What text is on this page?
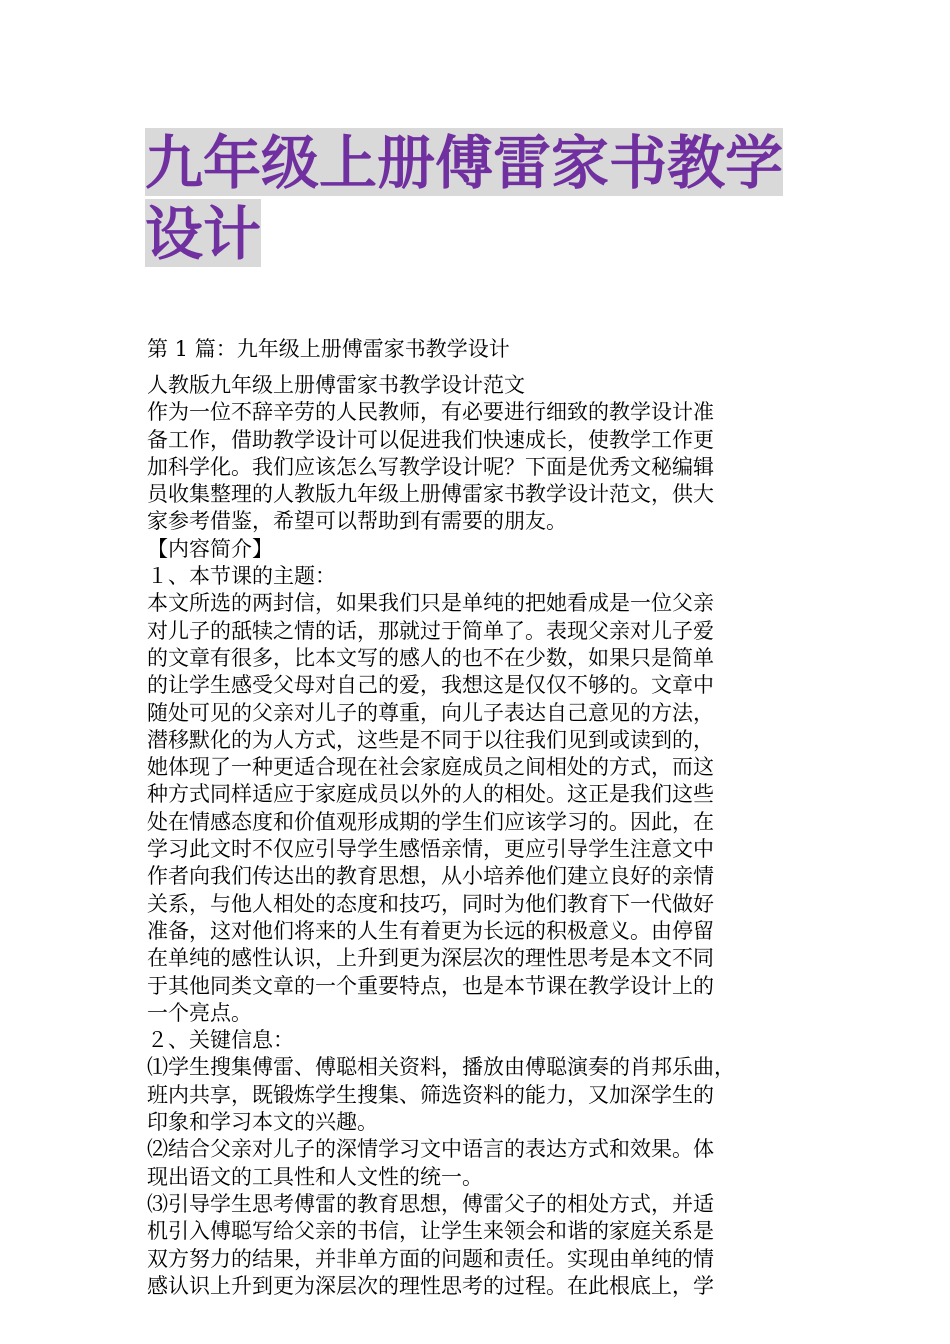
九年级上册傅雷家书教学
设计
第 1 篇：九年级上册傅雷家书教学设计

人教版九年级上册傅雷家书教学设计范文

作为一位不辞辛劳的人民教师，有必要进行细致的教学设计准

备工作，借助教学设计可以促进我们快速成长，使教学工作更

加科学化。我们应该怎么写教学设计呢？下面是优秀文秘编辑

员收集整理的人教版九年级上册傅雷家书教学设计范文，供大

家参考借鉴，希望可以帮助到有需要的朋友。

【内容简介】

１、本节课的主题：

本文所选的两封信，如果我们只是单纯的把她看成是一位父亲

对儿子的舐犊之情的话，那就过于简单了。表现父亲对儿子爱

的文章有很多，比本文写的感人的也不在少数，如果只是简单

的让学生感受父母对自己的爱，我想这是仅仅不够的。文章中

随处可见的父亲对儿子的尊重，向儿子表达自己意见的方法，

潜移默化的为人方式，这些是不同于以往我们见到或读到的，

她体现了一种更适合现在社会家庭成员之间相处的方式，而这

种方式同样适应于家庭成员以外的人的相处。这正是我们这些

处在情感态度和价值观形成期的学生们应该学习的。因此，在

学习此文时不仅应引导学生感悟亲情，更应引导学生注意文中

作者向我们传达出的教育思想，从小培养他们建立良好的亲情

关系，与他人相处的态度和技巧，同时为他们教育下一代做好

准备，这对他们将来的人生有着更为长远的积极意义。由停留

在单纯的感性认识，上升到更为深层次的理性思考是本文不同

于其他同类文章的一个重要特点，也是本节课在教学设计上的

一个亮点。

２、关键信息：

⑴学生搜集傅雷、傅聪相关资料，播放由傅聪演奏的肖邦乐曲，

班内共享，既锻炼学生搜集、筛选资料的能力，又加深学生的

印象和学习本文的兴趣。

⑵结合父亲对儿子的深情学习文中语言的表达方式和效果。体

现出语文的工具性和人文性的统一。

⑶引导学生思考傅雷的教育思想，傅雷父子的相处方式，并适

机引入傅聪写给父亲的书信，让学生来领会和谐的家庭关系是

双方努力的结果，并非单方面的问题和责任。实现由单纯的情

感认识上升到更为深层次的理性思考的过程。在此根底上，学
